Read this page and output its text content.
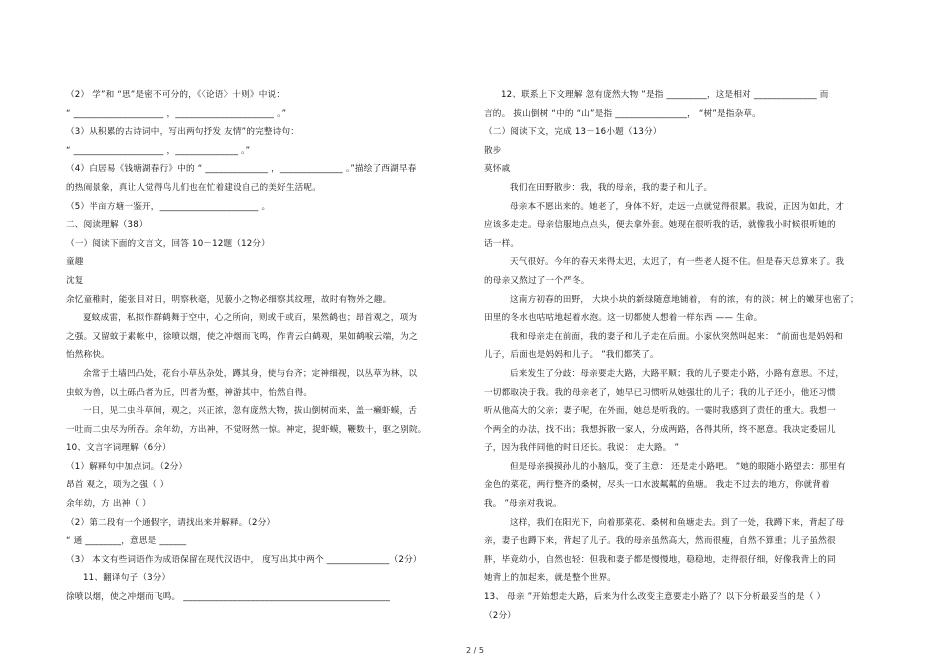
（2） 学”和 “思”是密不可分的，《〈论语〉十则》中说：
“ ____________________ ，______________________ 。”
（3）从积累的古诗词中，写出两句抒发 友情”的完整诗句：
“ ____________________ ，______________ 。”
（4）白居易《钱塘湖春行》中的 “ ______________ ，______________ 。”描绘了西湖早春
的热闹景象，真让人觉得鸟儿们也在忙着建设自己的美好生活呢。
（5）半亩方塘一鉴开，______________________ 。
二、阅读理解（38）
（一）阅读下面的文言文，回答 10－12题（12分）
童趣
沈复
余忆童稚时，能张目对日，明察秋毫，见藐小之物必细察其纹理，故时有物外之趣。
夏蚊成雷，私拟作群鹤舞于空中，心之所向，则或千或百，果然鹤也；昂首观之，项为
之强。又留蚊于素帐中，徐喷以烟，使之冲烟而飞鸣，作青云白鹤观，果如鹤唳云端，为之
怡然称快。
余常于土墙凹凸处，花台小草丛杂处，蹲其身，使与台齐；定神细视，以丛草为林，以
虫蚁为兽，以土砾凸者为丘，凹者为壑，神游其中，怡然自得。
一日，见二虫斗草间，观之，兴正浓，忽有庞然大物，拔山倒树而来，盖一癞虾蟆，舌
一吐而二虫尽为所吞。余年幼，方出神，不觉呀然一惊。神定，捉虾蟆，鞭数十，驱之别院。
10、文言字词理解（6分）
（1）解释句中加点词。（2分）
昂首 观之，项为之强（ ）
余年幼，方 出神（ ）
（2）第二段有一个通假字，请找出来并解释。（2分）
“ 通 ________，意思是 ______
（3） 本文有些词语作为成语保留在现代汉语中， 度写出其中两个 ______________（2分）
11、翻译句子（3分）
徐喷以烟，使之冲烟而飞鸣。 ______________________________________________
12、联系上下文理解 忽有庞然大物 ”是指 _________，这是相对 ______________ 而
言的。 拔山倒树 “中的 “山”是指 ________________， “树”是指杂草。
（二）阅读下文，完成 13－16小题（13分）
散步
莫怀戚
我们在田野散步：我，我的母亲，我的妻子和儿子。
母亲本不愿出来的。她老了，身体不好，走远一点就觉得很累。我说，正因为如此，才
应该多走走。母亲信服地点点头，便去拿外套。她现在很听我的话，就像我小时候很听她的
话一样。
天气很好。今年的春天来得太迟，太迟了，有一些老人挺不住。但是春天总算来了。我
的母亲又熬过了一个严冬。
这南方初春的田野， 大块小块的新绿随意地铺着， 有的浓，有的淡；树上的嫩芽也密了；
田里的冬水也咕咕地起着水泡。这一切都使人想着一样东西 —— 生命。
我和母亲走在前面，我的妻子和儿子走在后面。小家伙突然叫起来： “前面也是妈妈和
儿子，后面也是妈妈和儿子。 ”我们都笑了。
后来发生了分歧：母亲要走大路，大路平顺；我的儿子要走小路，小路有意思。不过，
一切都取决于我。我的母亲老了，她早已习惯听从她强壮的儿子；我的儿子还小，他还习惯
听从他高大的父亲；妻子呢，在外面，她总是听我的。一霎时我感到了责任的重大。我想一
个两全的办法，找不出；我想拆散一家人，分成两路，各得其所，终不愿意。我决定委屈儿
子，因为我伴同他的时日还长。我说： 走大路。 ”
但是母亲摸摸孙儿的小脑瓜，变了主意： 还是走小路吧。 ”她的眼随小路望去：那里有
金色的菜花，两行整齐的桑树，尽头一口水波粼粼的鱼塘。 我走不过去的地方，你就背着
我。 ”母亲对我说。
这样，我们在阳光下，向着那菜花、桑树和鱼塘走去。到了一处，我蹲下来，背起了母
亲，妻子也蹲下来，背起了儿子。我的母亲虽然高大，然而很瘦，自然不算重；儿子虽然很
胖，毕竟幼小，自然也轻：但我和妻子都是慢慢地，稳稳地，走得很仔细，好像我背上的同
她背上的加起来，就是整个世界。
13、 母亲 ”开始想走大路，后来为什么改变主意要走小路了？以下分析最妥当的是（ ）
（2分）
2 / 5
